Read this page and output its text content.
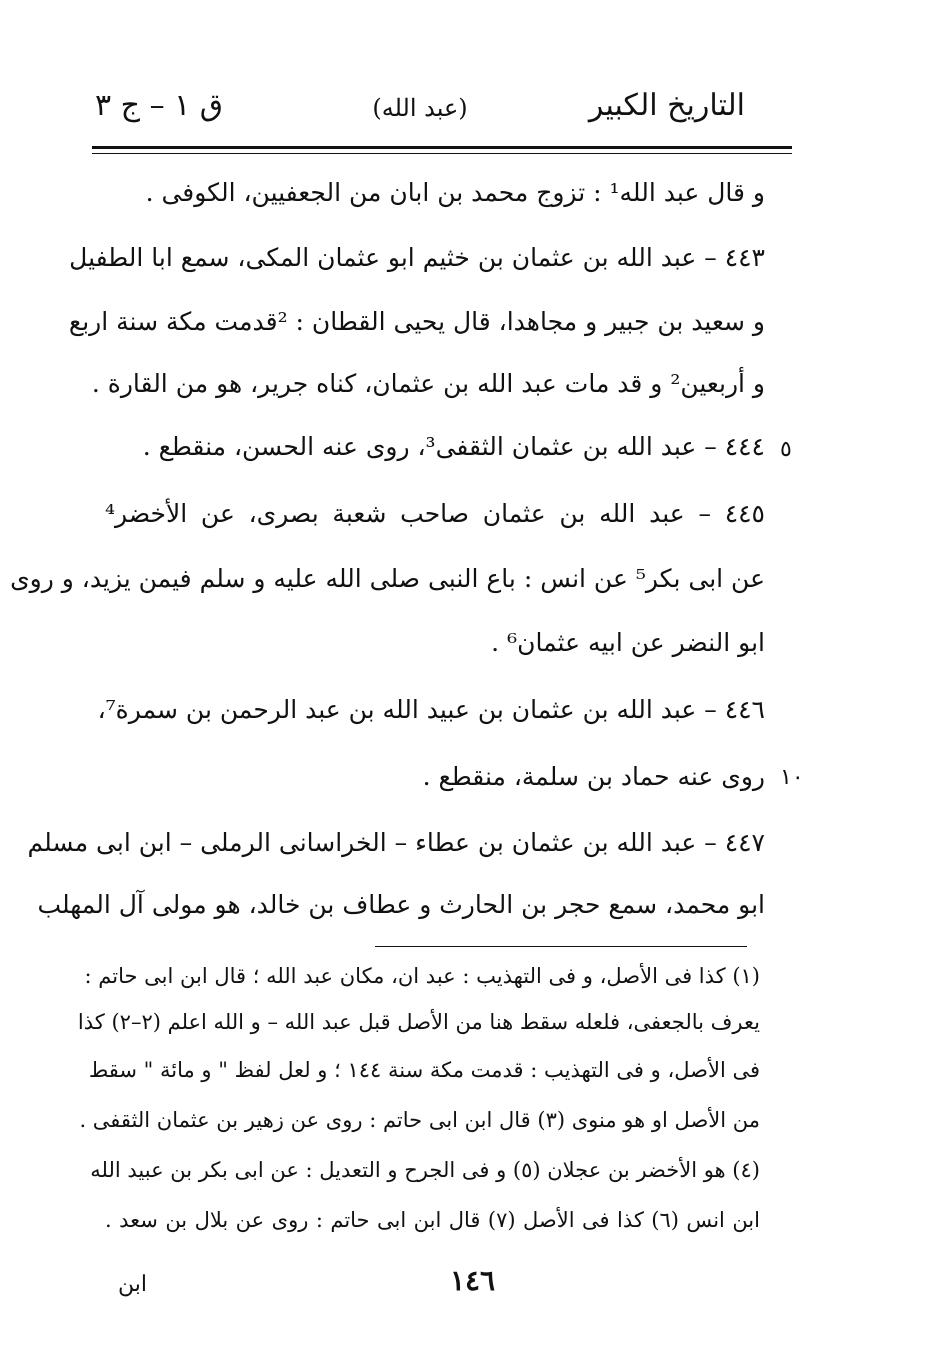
التاريخ الكبير
(عبد الله)
ق ١ – ج ٣
و قال عبد الله¹ : تزوج محمد بن ابان من الجعفيين، الكوفى .
٤٤٣ – عبد الله بن عثمان بن خثيم ابو عثمان المكى، سمع ابا الطفيل
و سعيد بن جبير و مجاهدا، قال يحيى القطان : ²قدمت مكة سنة اربع
و أربعين² و قد مات عبد الله بن عثمان، كناه جرير، هو من القارة .
٤٤٤ – عبد الله بن عثمان الثقفى³، روى عنه الحسن، منقطع . ٥
٤٤٥ – عبد الله بن عثمان صاحب شعبة بصرى، عن الأخضر⁴
عن ابى بكر⁵ عن انس : باع النبى صلى الله عليه و سلم فيمن يزيد، و روى
ابو النضر عن ابيه عثمان⁶ .
٤٤٦ – عبد الله بن عثمان بن عبيد الله بن عبد الرحمن بن سمرة⁷،
روى عنه حماد بن سلمة، منقطع . ١٠
٤٤٧ – عبد الله بن عثمان بن عطاء – الخراسانى الرملى – ابن ابى مسلم
ابو محمد، سمع حجر بن الحارث و عطاف بن خالد، هو مولى آل المهلب
(١) كذا فى الأصل، و فى التهذيب : عبد ان، مكان عبد الله ؛ قال ابن ابى حاتم :
يعرف بالجعفى، فلعله سقط هنا من الأصل قبل عبد الله – و الله اعلم (٢–٢) كذا
فى الأصل، و فى التهذيب : قدمت مكة سنة ١٤٤ ؛ و لعل لفظ " و مائة " سقط
من الأصل او هو منوى (٣) قال ابن ابى حاتم : روى عن زهير بن عثمان الثقفى .
(٤) هو الأخضر بن عجلان (٥) و فى الجرح و التعديل : عن ابى بكر بن عبيد الله
ابن انس (٦) كذا فى الأصل (٧) قال ابن ابى حاتم : روى عن بلال بن سعد .
١٤٦
ابن
